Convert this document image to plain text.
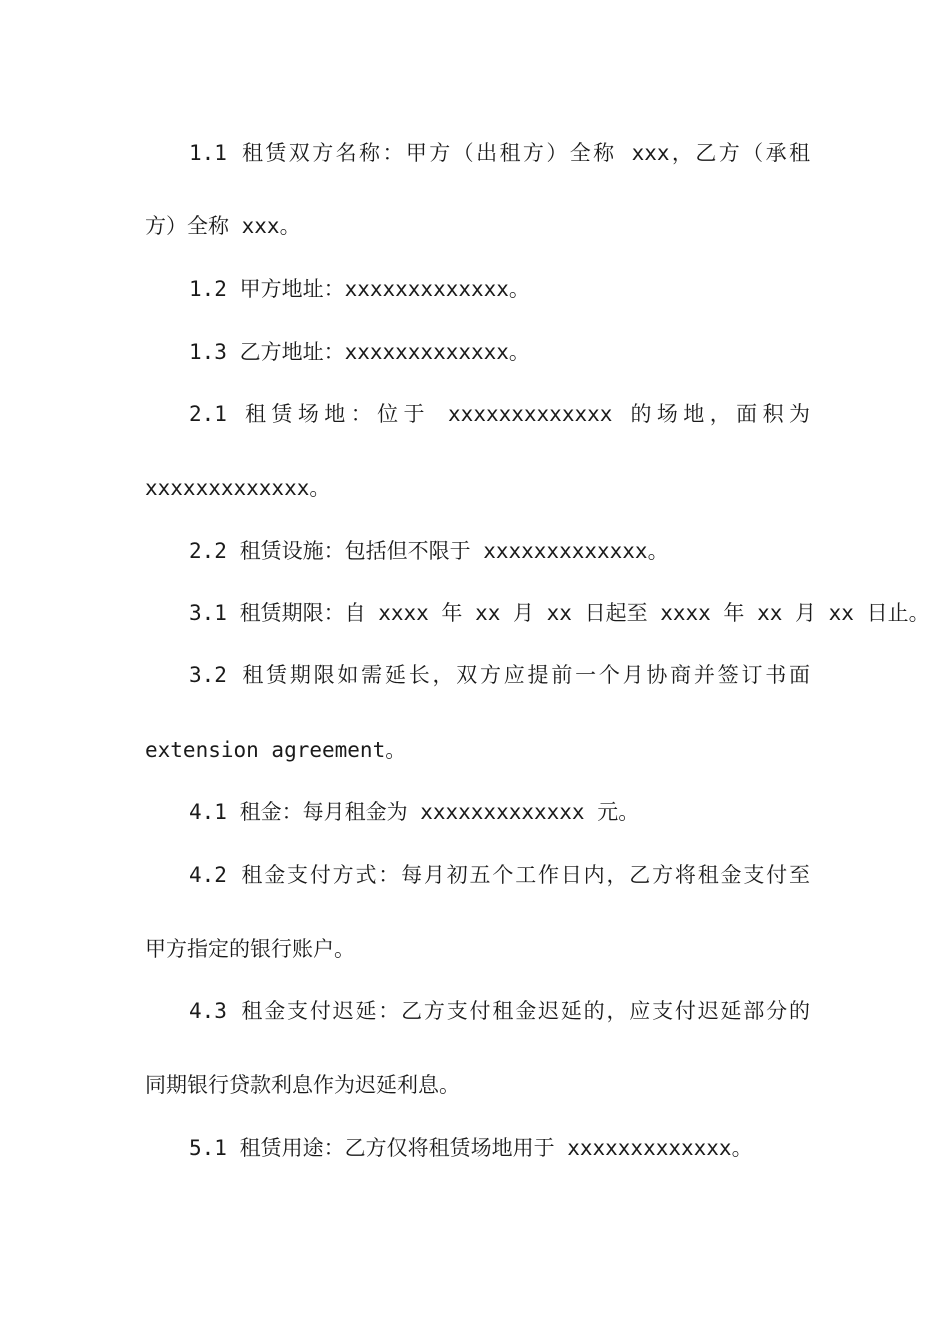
1.1 租赁双方名称：甲方（出租方）全称 xxx，乙方（承租
方）全称 xxx。
1.2 甲方地址：xxxxxxxxxxxxx。
1.3 乙方地址：xxxxxxxxxxxxx。
2.1 租赁场地：位于 xxxxxxxxxxxxx 的场地，面积为
xxxxxxxxxxxxx。
2.2 租赁设施：包括但不限于 xxxxxxxxxxxxx。
3.1 租赁期限：自 xxxx 年 xx 月 xx 日起至 xxxx 年 xx 月 xx 日止。
3.2 租赁期限如需延长，双方应提前一个月协商并签订书面
extension agreement。
4.1 租金：每月租金为 xxxxxxxxxxxxx 元。
4.2 租金支付方式：每月初五个工作日内，乙方将租金支付至
甲方指定的银行账户。
4.3 租金支付迟延：乙方支付租金迟延的，应支付迟延部分的
同期银行贷款利息作为迟延利息。
5.1 租赁用途：乙方仅将租赁场地用于 xxxxxxxxxxxxx。
